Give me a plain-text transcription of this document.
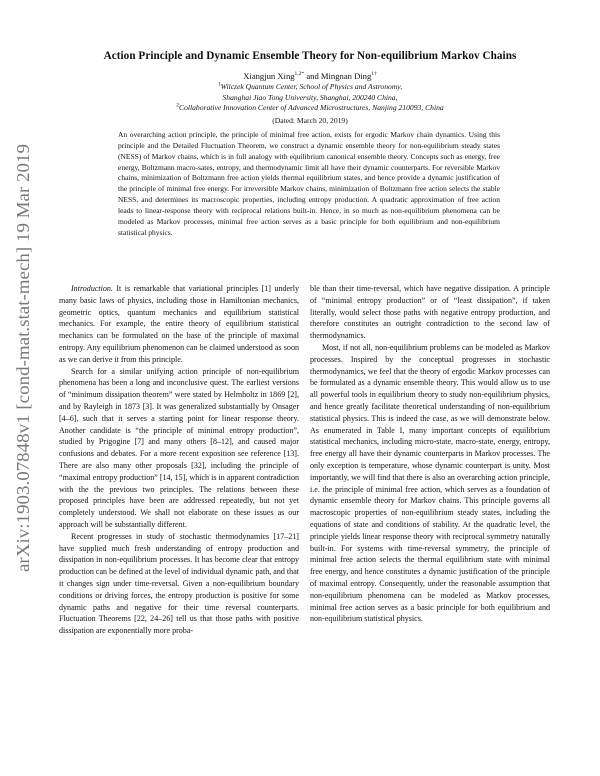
arXiv:1903.07848v1 [cond-mat.stat-mech] 19 Mar 2019
Action Principle and Dynamic Ensemble Theory for Non-equilibrium Markov Chains
Xiangjun Xing$^{1,2*}$ and Mingnan Ding$^{1\dagger}$
$^1$Wilczek Quantum Center, School of Physics and Astronomy,
Shanghai Jiao Tong University, Shanghai, 200240 China,
$^2$Collaborative Innovation Center of Advanced Microstructures, Nanjing 210093, China
(Dated: March 20, 2019)

An overarching action principle, the principle of minimal free action, exists for ergodic Markov chain dynamics. Using this principle and the Detailed Fluctuation Theorem, we construct a dynamic ensemble theory for non-equilibrium steady states (NESS) of Markov chains, which is in full analogy with equilibrium canonical ensemble theory. Concepts such as energy, free energy, Boltzmann macro-sates, entropy, and thermodynamic limit all have their dynamic counterparts. For reversible Markov chains, minimization of Boltzmann free action yields thermal equilibrium states, and hence provide a dynamic justification of the principle of minimal free energy. For irreversible Markov chains, minimization of Boltzmann free action selects the stable NESS, and determines its macroscopic properties, including entropy production. A quadratic approximation of free action leads to linear-response theory with reciprocal relations built-in. Hence, in so much as non-equilibrium phenomena can be modeled as Markov processes, minimal free action serves as a basic principle for both equilibrium and non-equilibrium statistical physics.

Introduction. It is remarkable that variational principles [1] underly many basic laws of physics, including those in Hamiltonian mechanics, geometric optics, quantum mechanics and equilibrium statistical mechanics. For example, the entire theory of equilibrium statistical mechanics can be formulated on the base of the principle of maximal entropy. Any equilibrium phenomenon can be claimed understood as soon as we can derive it from this principle.

Search for a similar unifying action principle of non-equilibrium phenomena has been a long and inconclusive quest. The earliest versions of “minimum dissipation theorem” were stated by Helmholtz in 1869 [2], and by Rayleigh in 1873 [3]. It was generalized substantially by Onsager [4–6], such that it serves a starting point for linear response theory. Another candidate is “the principle of minimal entropy production”, studied by Prigogine [7] and many others [8–12], and caused major confusions and debates. For a more recent exposition see reference [13]. There are also many other proposals [32], including the principle of “maximal entropy production” [14, 15], which is in apparent contradiction with the the previous two principles. The relations between these proposed principles have been are addressed repeatedly, but not yet completely understood. We shall not elaborate on these issues as our approach will be substantially different.

Recent progresses in study of stochastic thermodynamics [17–21] have supplied much fresh understanding of entropy production and dissipation in non-equilibrium processes. It has become clear that entropy production can be defined at the level of individual dynamic path, and that it changes sign under time-reversal. Given a non-equilibrium boundary conditions or driving forces, the entropy production is positive for some dynamic paths and negative for their time reversal counterparts. Fluctuation Theorems [22, 24–26] tell us that those paths with positive dissipation are exponentially more proba-

ble than their time-reversal, which have negative dissipation. A principle of “minimal entropy production” or of “least dissipation”, if taken literally, would select those paths with negative entropy production, and therefore constitutes an outright contradiction to the second law of thermodynamics.

Most, if not all, non-equilibrium problems can be modeled as Markov processes. Inspired by the conceptual progresses in stochastic thermodynamics, we feel that the theory of ergodic Markov processes can be formulated as a dynamic ensemble theory. This would allow us to use all powerful tools in equilibrium theory to study non-equilibrium physics, and hence greatly facilitate theoretical understanding of non-equilibrium statistical physics. This is indeed the case, as we will demonstrate below. As enumerated in Table I, many important concepts of equilibrium statistical mechanics, including micro-state, macro-state, energy, entropy, free energy all have their dynamic counterparts in Markov processes. The only exception is temperature, whose dynamic counterpart is unity. Most importantly, we will find that there is also an overarching action principle, i.e. the principle of minimal free action, which serves as a foundation of dynamic ensemble theory for Markov chains. This principle governs all macroscopic properties of non-equilibrium steady states, including the equations of state and conditions of stability. At the quadratic level, the principle yields linear response theory with reciprocal symmetry naturally built-in. For systems with time-reversal symmetry, the principle of minimal free action selects the thermal equilibrium state with minimal free energy, and hence constitutes a dynamic justification of the principle of maximal entropy. Consequently, under the reasonable assumption that non-equilibrium phenomena can be modeled as Markov processes, minimal free action serves as a basic principle for both equilibrium and non-equilibrium statistical physics.
